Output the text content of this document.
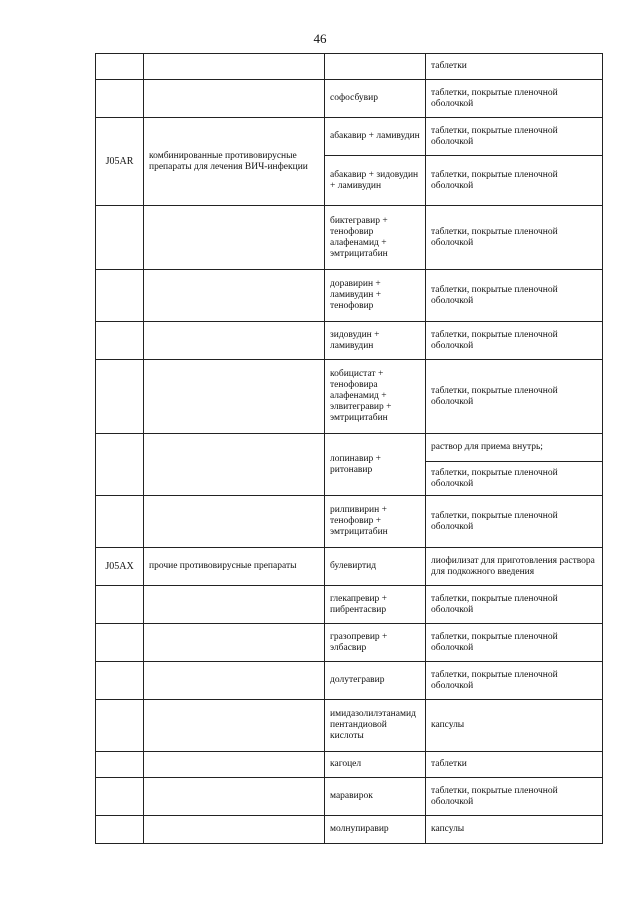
46
			таблетки
		софосбувир	таблетки, покрытые пленочной оболочкой
J05AR	комбинированные противовирусные препараты для лечения ВИЧ-инфекции	абакавир + ламивудин	таблетки, покрытые пленочной оболочкой
		абакавир + зидовудин + ламивудин	таблетки, покрытые пленочной оболочкой
		биктегравир + тенофовир алафенамид + эмтрицитабин	таблетки, покрытые пленочной оболочкой
		доравирин + ламивудин + тенофовир	таблетки, покрытые пленочной оболочкой
		зидовудин + ламивудин	таблетки, покрытые пленочной оболочкой
		кобицистат + тенофовира алафенамид + элвитегравир + эмтрицитабин	таблетки, покрытые пленочной оболочкой
		лопинавир + ритонавир	раствор для приема внутрь;
			таблетки, покрытые пленочной оболочкой
		рилпивирин + тенофовир + эмтрицитабин	таблетки, покрытые пленочной оболочкой
J05AX	прочие противовирусные препараты	булевиртид	лиофилизат для приготовления раствора для подкожного введения
		глекапревир + пибрентасвир	таблетки, покрытые пленочной оболочкой
		гразопревир + элбасвир	таблетки, покрытые пленочной оболочкой
		долутегравир	таблетки, покрытые пленочной оболочкой
		имидазолилэтанамид пентандиовой кислоты	капсулы
		кагоцел	таблетки
		маравирок	таблетки, покрытые пленочной оболочкой
		молнупиравир	капсулы
